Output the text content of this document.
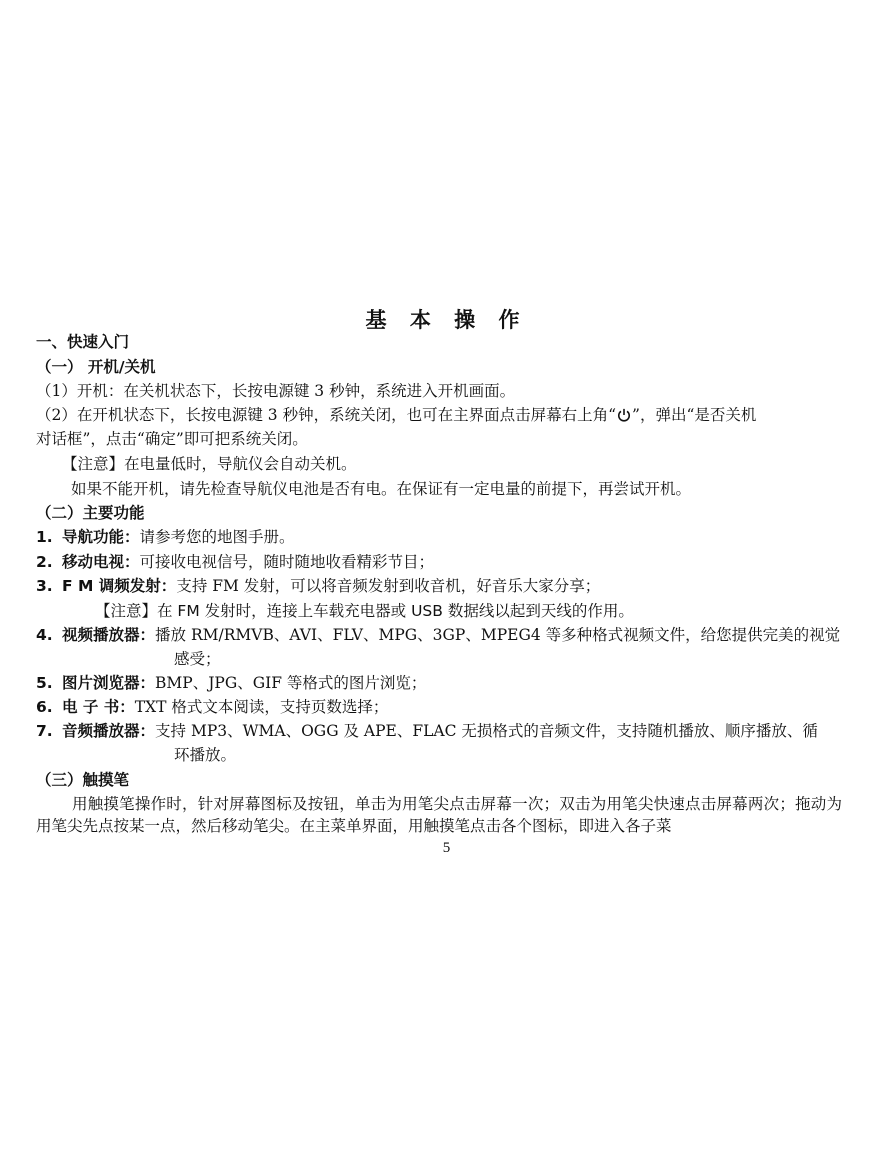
基 本 操 作
一、快速入门
（一） 开机/关机
（1）开机：在关机状态下，长按电源键 3 秒钟，系统进入开机画面。
（2）在开机状态下，长按电源键 3 秒钟，系统关闭，也可在主界面点击屏幕右上角“ ”，弹出“是否关机
对话框”，点击“确定”即可把系统关闭。
【注意】在电量低时，导航仪会自动关机。
如果不能开机，请先检查导航仪电池是否有电。在保证有一定电量的前提下，再尝试开机。
（二）主要功能
1. 导航功能：请参考您的地图手册。
2. 移动电视：可接收电视信号，随时随地收看精彩节目；
3. F M 调频发射：支持 FM 发射，可以将音频发射到收音机，好音乐大家分享；
【注意】在 FM 发射时，连接上车载充电器或 USB 数据线以起到天线的作用。
4. 视频播放器：播放 RM/RMVB、AVI、FLV、MPG、3GP、MPEG4 等多种格式视频文件，给您提供完美的视觉
感受；
5. 图片浏览器：BMP、JPG、GIF 等格式的图片浏览；
6. 电 子 书：TXT 格式文本阅读，支持页数选择；
7. 音频播放器：支持 MP3、WMA、OGG 及 APE、FLAC 无损格式的音频文件，支持随机播放、顺序播放、循
环播放。
（三）触摸笔
用触摸笔操作时，针对屏幕图标及按钮，单击为用笔尖点击屏幕一次；双击为用笔尖快速点击屏幕两次；拖动为用笔尖先点按某一点，然后移动笔尖。在主菜单界面，用触摸笔点击各个图标，即进入各子菜
5
